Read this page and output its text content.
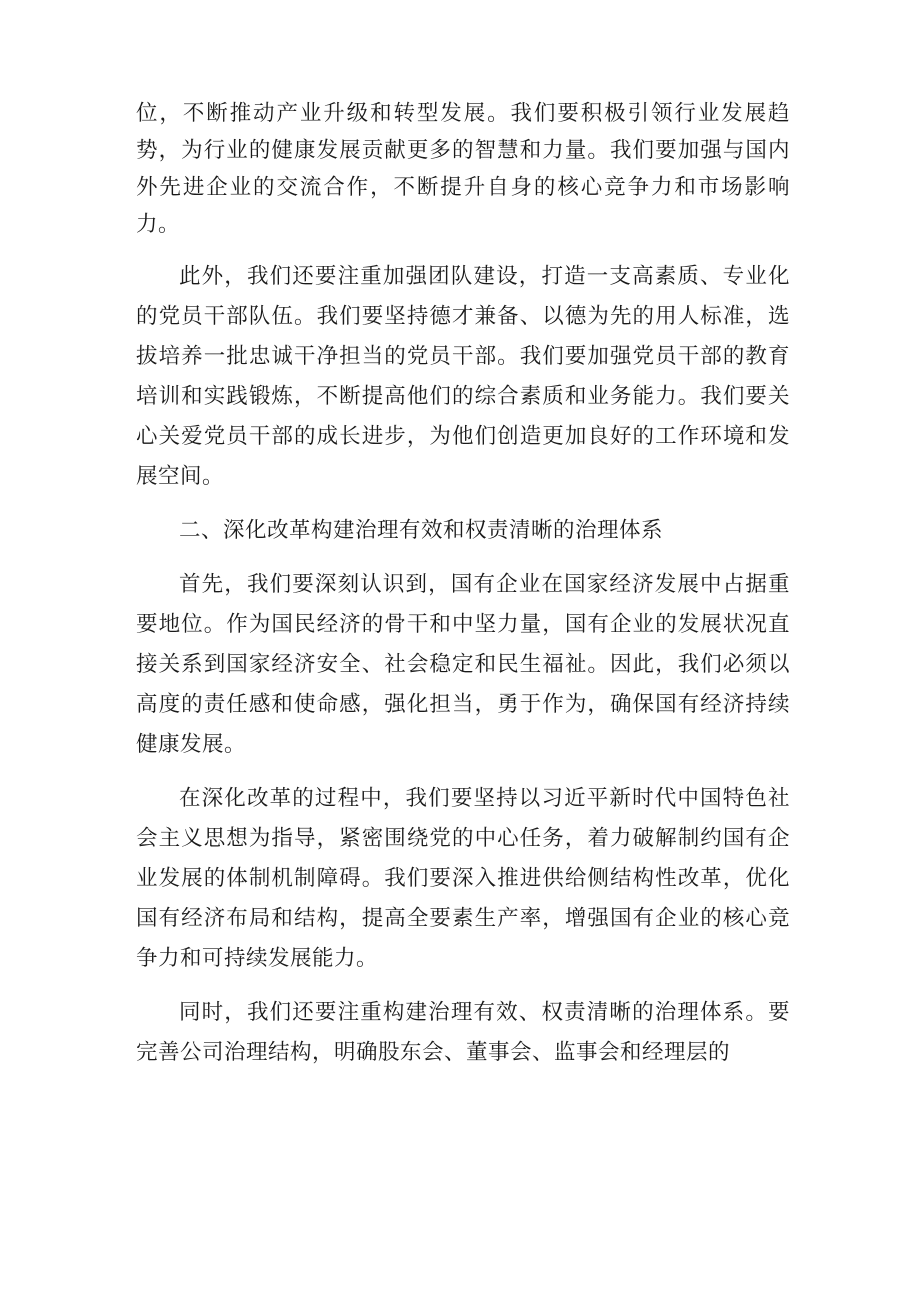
位，不断推动产业升级和转型发展。我们要积极引领行业发展趋势，为行业的健康发展贡献更多的智慧和力量。我们要加强与国内外先进企业的交流合作，不断提升自身的核心竞争力和市场影响力。

此外，我们还要注重加强团队建设，打造一支高素质、专业化的党员干部队伍。我们要坚持德才兼备、以德为先的用人标准，选拔培养一批忠诚干净担当的党员干部。我们要加强党员干部的教育培训和实践锻炼，不断提高他们的综合素质和业务能力。我们要关心关爱党员干部的成长进步，为他们创造更加良好的工作环境和发展空间。

二、深化改革构建治理有效和权责清晰的治理体系

首先，我们要深刻认识到，国有企业在国家经济发展中占据重要地位。作为国民经济的骨干和中坚力量，国有企业的发展状况直接关系到国家经济安全、社会稳定和民生福祉。因此，我们必须以高度的责任感和使命感，强化担当，勇于作为，确保国有经济持续健康发展。

在深化改革的过程中，我们要坚持以习近平新时代中国特色社会主义思想为指导，紧密围绕党的中心任务，着力破解制约国有企业发展的体制机制障碍。我们要深入推进供给侧结构性改革，优化国有经济布局和结构，提高全要素生产率，增强国有企业的核心竞争力和可持续发展能力。

同时，我们还要注重构建治理有效、权责清晰的治理体系。要完善公司治理结构，明确股东会、董事会、监事会和经理层的
